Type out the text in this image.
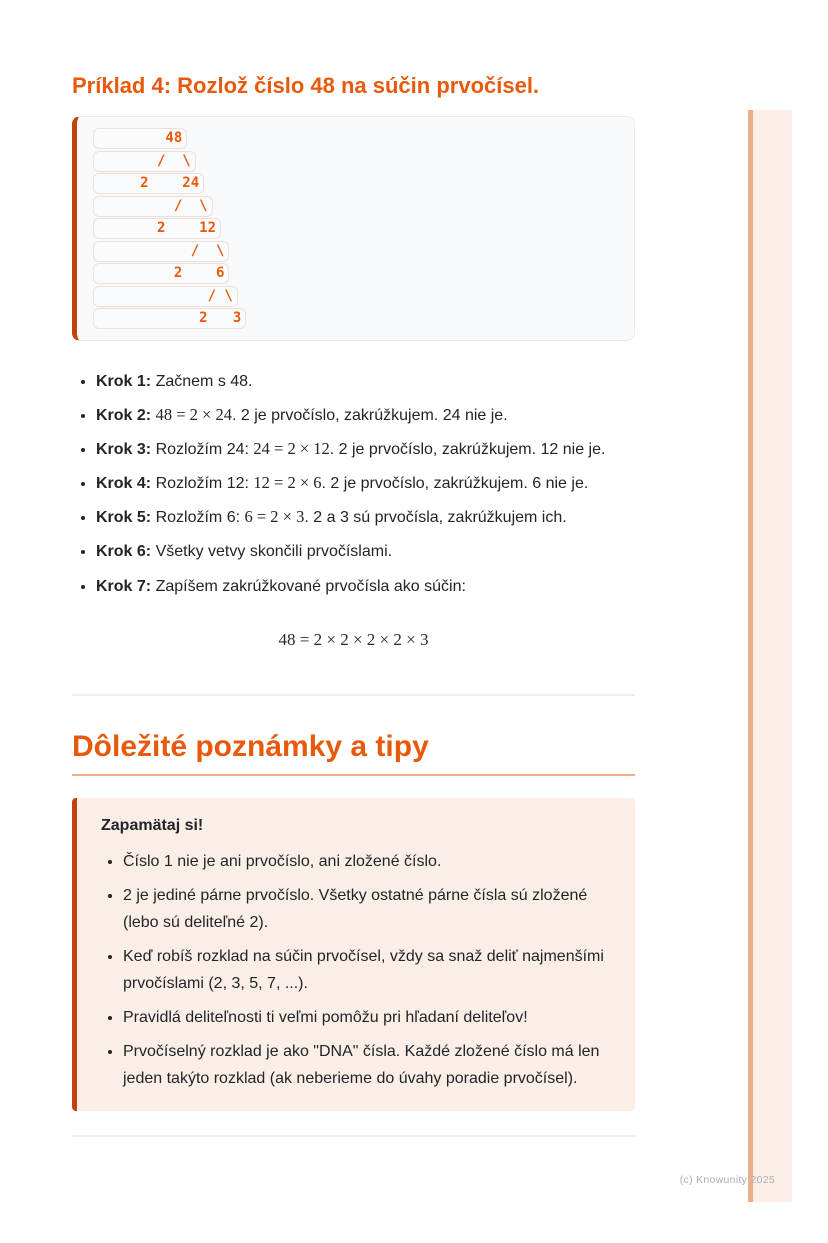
Príklad 4: Rozlož číslo 48 na súčin prvočísel.
48
/  \
2    24
/  \
2    12
/  \
2    6
/ \
2   3
• Krok 1: Začnem s 48.
• Krok 2: 48 = 2 × 24. 2 je prvočíslo, zakrúžkujem. 24 nie je.
• Krok 3: Rozložím 24: 24 = 2 × 12. 2 je prvočíslo, zakrúžkujem. 12 nie je.
• Krok 4: Rozložím 12: 12 = 2 × 6. 2 je prvočíslo, zakrúžkujem. 6 nie je.
• Krok 5: Rozložím 6: 6 = 2 × 3. 2 a 3 sú prvočísla, zakrúžkujem ich.
• Krok 6: Všetky vetvy skončili prvočíslami.
• Krok 7: Zapíšem zakrúžkované prvočísla ako súčin:
48 = 2 × 2 × 2 × 2 × 3
Dôležité poznámky a tipy
Zapamätaj si!
• Číslo 1 nie je ani prvočíslo, ani zložené číslo.
• 2 je jediné párne prvočíslo. Všetky ostatné párne čísla sú zložené (lebo sú deliteľné 2).
• Keď robíš rozklad na súčin prvočísel, vždy sa snaž deliť najmenšími prvočíslami (2, 3, 5, 7, ...).
• Pravidlá deliteľnosti ti veľmi pomôžu pri hľadaní deliteľov!
• Prvočíselný rozklad je ako "DNA" čísla. Každé zložené číslo má len jeden takýto rozklad (ak neberieme do úvahy poradie prvočísel).
(c) Knowunity 2025
